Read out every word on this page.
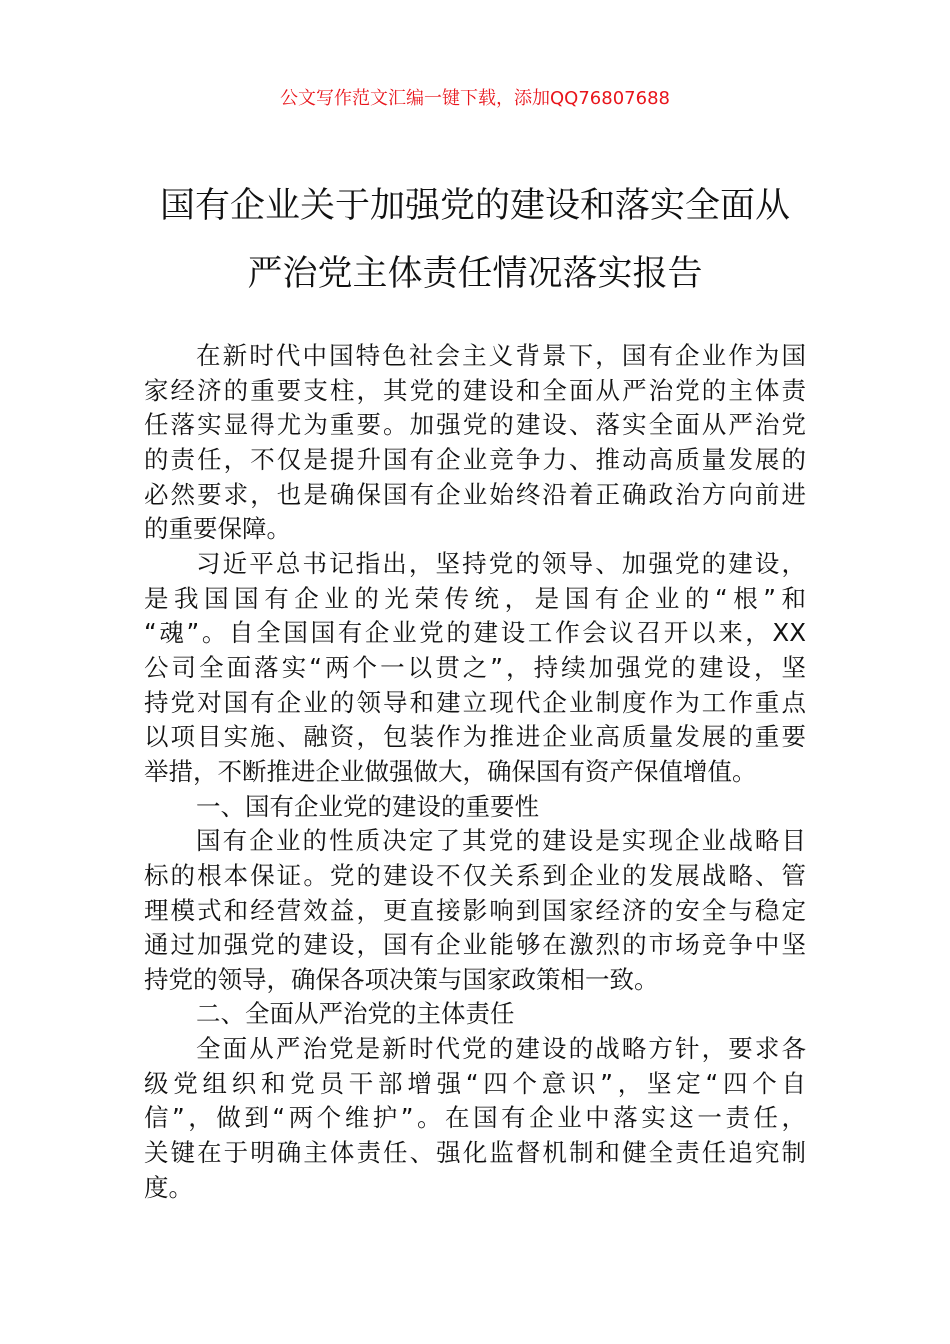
公文写作范文汇编一键下载，添加QQ76807688
国有企业关于加强党的建设和落实全面从
严治党主体责任情况落实报告
在新时代中国特色社会主义背景下，国有企业作为国
家经济的重要支柱，其党的建设和全面从严治党的主体责
任落实显得尤为重要。加强党的建设、落实全面从严治党
的责任，不仅是提升国有企业竞争力、推动高质量发展的
必然要求，也是确保国有企业始终沿着正确政治方向前进
的重要保障。
习近平总书记指出，坚持党的领导、加强党的建设，
是我国国有企业的光荣传统，是国有企业的“根”和
“魂”。自全国国有企业党的建设工作会议召开以来，XX
公司全面落实“两个一以贯之”，持续加强党的建设，坚
持党对国有企业的领导和建立现代企业制度作为工作重点
以项目实施、融资，包装作为推进企业高质量发展的重要
举措，不断推进企业做强做大，确保国有资产保值增值。
一、国有企业党的建设的重要性
国有企业的性质决定了其党的建设是实现企业战略目
标的根本保证。党的建设不仅关系到企业的发展战略、管
理模式和经营效益，更直接影响到国家经济的安全与稳定
通过加强党的建设，国有企业能够在激烈的市场竞争中坚
持党的领导，确保各项决策与国家政策相一致。
二、全面从严治党的主体责任
全面从严治党是新时代党的建设的战略方针，要求各
级党组织和党员干部增强“四个意识”，坚定“四个自
信”，做到“两个维护”。在国有企业中落实这一责任，
关键在于明确主体责任、强化监督机制和健全责任追究制
度。
